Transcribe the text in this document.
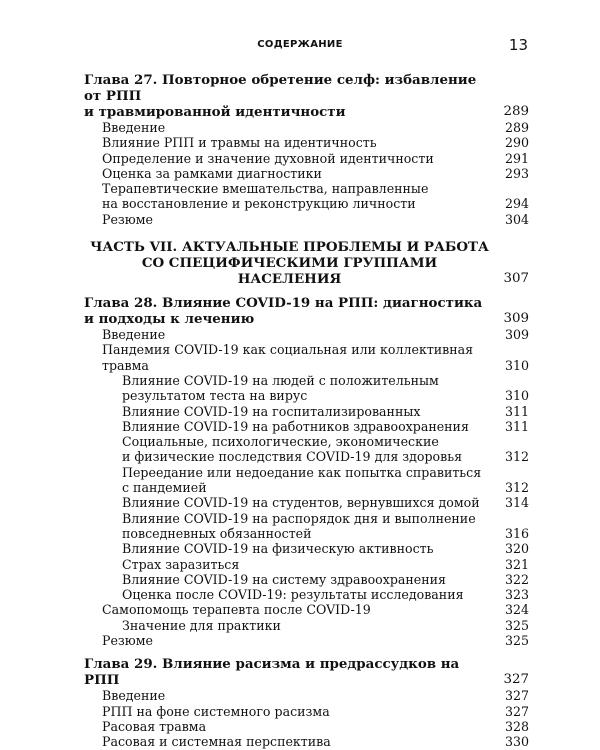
СОДЕРЖАНИЕ	13
Глава 27. Повторное обретение селф: избавление от РПП
и травмированной идентичности	289
Введение	289
Влияние РПП и травмы на идентичность	290
Определение и значение духовной идентичности	291
Оценка за рамками диагностики	293
Терапевтические вмешательства, направленные
на восстановление и реконструкцию личности	294
Резюме	304
ЧАСТЬ VII. АКТУАЛЬНЫЕ ПРОБЛЕМЫ И РАБОТА
СО СПЕЦИФИЧЕСКИМИ ГРУППАМИ
НАСЕЛЕНИЯ	307
Глава 28. Влияние COVID-19 на РПП: диагностика
и подходы к лечению	309
Введение	309
Пандемия COVID-19 как социальная или коллективная травма	310
Влияние COVID-19 на людей с положительным
результатом теста на вирус	310
Влияние COVID-19 на госпитализированных	311
Влияние COVID-19 на работников здравоохранения	311
Социальные, психологические, экономические
и физические последствия COVID-19 для здоровья	312
Переедание или недоедание как попытка справиться
с пандемией	312
Влияние COVID-19 на студентов, вернувшихся домой	314
Влияние COVID-19 на распорядок дня и выполнение
повседневных обязанностей	316
Влияние COVID-19 на физическую активность	320
Страх заразиться	321
Влияние COVID-19 на систему здравоохранения	322
Оценка после COVID-19: результаты исследования	323
Самопомощь терапевта после COVID-19	324
Значение для практики	325
Резюме	325
Глава 29. Влияние расизма и предрассудков на РПП	327
Введение	327
РПП на фоне системного расизма	327
Расовая травма	328
Расовая и системная перспектива	330
